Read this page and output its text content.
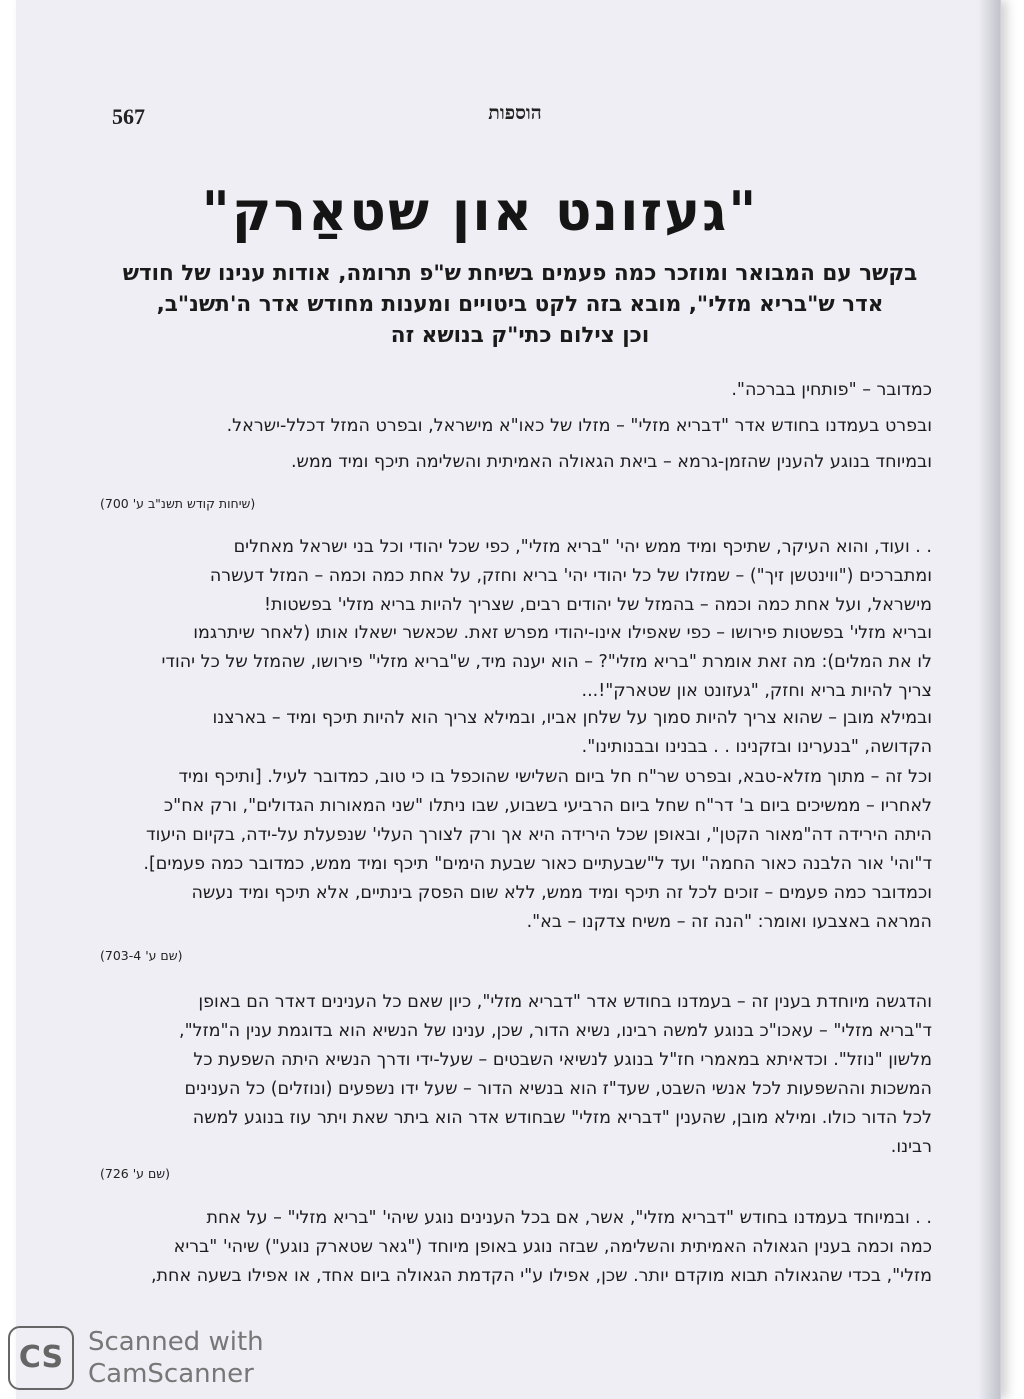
567	הוספות
"געזונט און שטאַרק"
בקשר עם המבואר ומוזכר כמה פעמים בשיחת ש"פ תרומה, אודות ענינו של חודש
אדר ש"בריא מזלי", מובא בזה לקט ביטויים ומענות מחודש אדר ה'תשנ"ב,
וכן צילום כתי"ק בנושא זה
כמדובר – "פותחין בברכה".
ובפרט בעמדנו בחודש אדר "דבריא מזלי" – מזלו של כאו"א מישראל, ובפרט המזל דכלל-ישראל.
ובמיוחד בנוגע להענין שהזמן-גרמא – ביאת הגאולה האמיתית והשלימה תיכף ומיד ממש.
(שיחות קודש תשנ"ב ע' 700)
. . ועוד, והוא העיקר, שתיכף ומיד ממש יהי' "בריא מזלי", כפי שכל יהודי וכל בני ישראל מאחלים
ומתברכים ("ווינטשן זיך") – שמזלו של כל יהודי יהי' בריא וחזק, על אחת כמה וכמה – המזל דעשרה
מישראל, ועל אחת כמה וכמה – בהמזל של יהודים רבים, שצריך להיות בריא מזלי' בפשטות!
ובריא מזלי' בפשטות פירושו – כפי שאפילו אינו-יהודי מפרש זאת. שכאשר ישאלו אותו (לאחר שיתרגמו
לו את המלים): מה זאת אומרת "בריא מזלי"? – הוא יענה מיד, ש"בריא מזלי" פירושו, שהמזל של כל יהודי
צריך להיות בריא וחזק, "געזונט און שטארק"!...
ובמילא מובן – שהוא צריך להיות סמוך על שלחן אביו, ובמילא צריך הוא להיות תיכף ומיד – בארצנו
הקדושה, "בנערינו ובזקנינו . . בבנינו ובבנותינו".
וכל זה – מתוך מזלא-טבא, ובפרט שר"ח חל ביום השלישי שהוכפל בו כי טוב, כמדובר לעיל. [ותיכף ומיד
לאחריו – ממשיכים ביום ב' דר"ח שחל ביום הרביעי בשבוע, שבו ניתלו "שני המאורות הגדולים", ורק אח"כ
היתה הירידה דה"מאור הקטן", ובאופן שכל הירידה היא אך ורק לצורך העלי' שנפעלת על-ידה, בקיום היעוד
ד"והי' אור הלבנה כאור החמה" ועד ל"שבעתיים כאור שבעת הימים" תיכף ומיד ממש, כמדובר כמה פעמים].
וכמדובר כמה פעמים – זוכים לכל זה תיכף ומיד ממש, ללא שום הפסק בינתיים, אלא תיכף ומיד נעשה
המראה באצבעו ואומר: "הנה זה – משיח צדקנו – בא".
(שם ע' 703-4)
והדגשה מיוחדת בענין זה – בעמדנו בחודש אדר "דבריא מזלי", כיון שאם כל הענינים דאדר הם באופן
ד"בריא מזלי" – עאכו"כ בנוגע למשה רבינו, נשיא הדור, שכן, ענינו של הנשיא הוא בדוגמת ענין ה"מזל",
מלשון "נוזל". וכדאיתא במאמרי חז"ל בנוגע לנשיאי השבטים – שעל-ידי ודרך הנשיא היתה השפעת כל
המשכות וההשפעות לכל אנשי השבט, שעד"ז הוא בנשיא הדור – שעל ידו נשפעים (ונוזלים) כל הענינים
לכל הדור כולו. ומילא מובן, שהענין "דבריא מזלי" שבחודש אדר הוא ביתר שאת ויתר עוז בנוגע למשה
רבינו.
(שם ע' 726)
. . ובמיוחד בעמדנו בחודש "דבריא מזלי", אשר, אם בכל הענינים נוגע שיהי' "בריא מזלי" – על אחת
כמה וכמה בענין הגאולה האמיתית והשלימה, שבזה נוגע באופן מיוחד ("גאר שטארק נוגע") שיהי' "בריא
מזלי", בכדי שהגאולה תבוא מוקדם יותר. שכן, אפילו ע"י הקדמת הגאולה ביום אחד, או אפילו בשעה אחת,
CS Scanned with
CamScanner
